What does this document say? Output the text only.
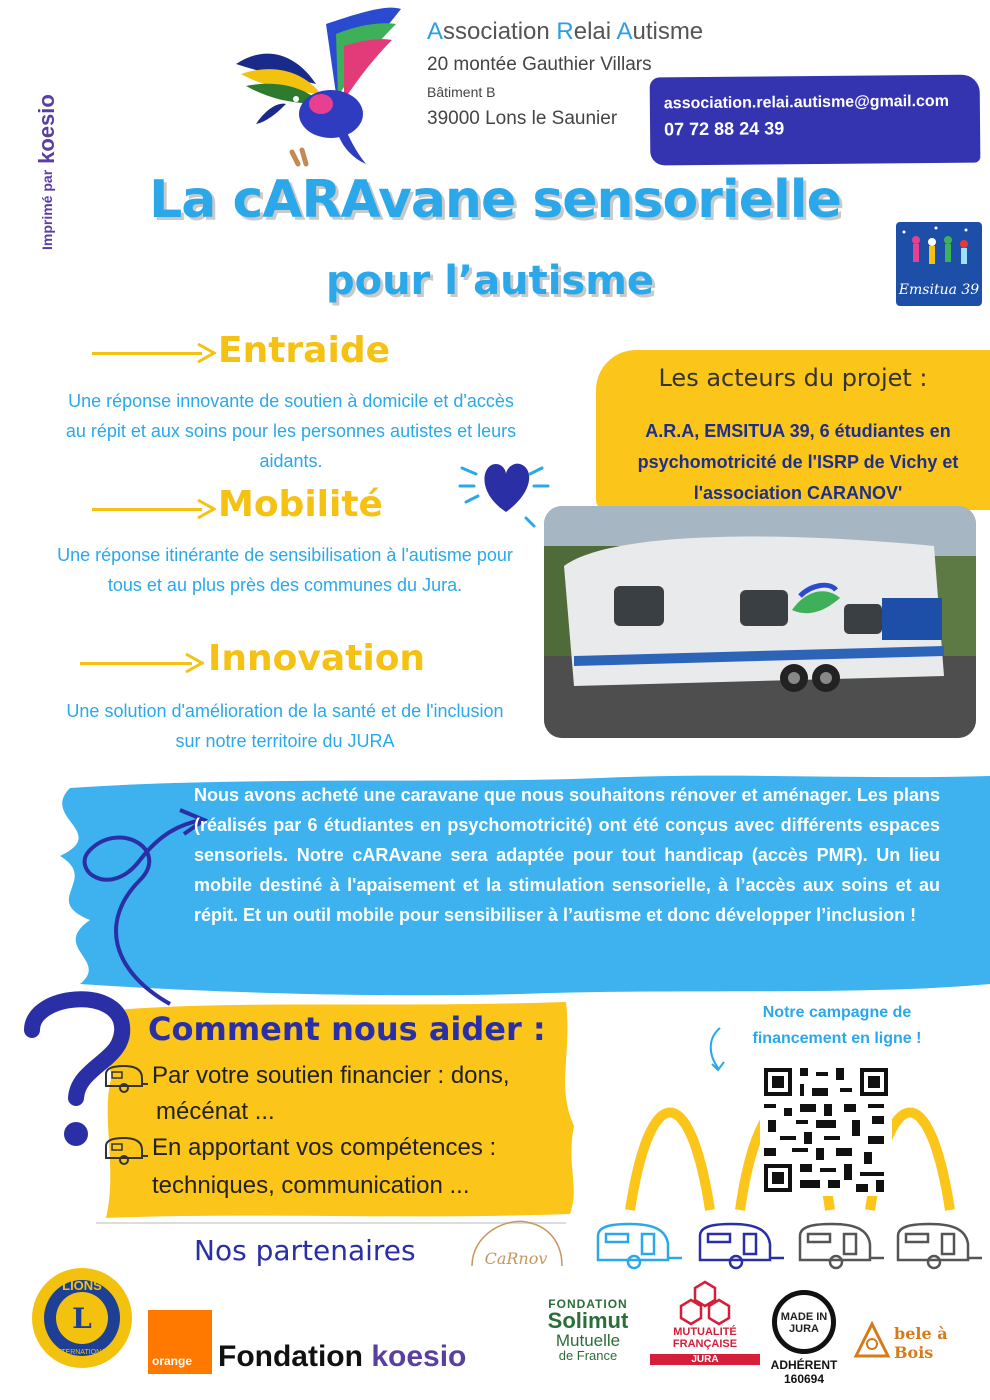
Imprimé par
koesio
Association Relai Autisme
20 montée Gauthier Villars
Bâtiment B
39000 Lons le Saunier
association.relai.autisme@gmail.com
07 72 88 24 39
La cARAvane sensorielle
pour l’autisme	Emsitua 39
Entraide
Une réponse innovante de soutien à domicile et d'accès au répit et aux soins pour les personnes autistes et leurs aidants.
Mobilité
Une réponse itinérante de sensibilisation à l'autisme pour tous et au plus près des communes du Jura.
Innovation
Une solution d'amélioration de la santé et de l'inclusion sur notre territoire du JURA
Les acteurs du projet :
A.R.A, EMSITUA 39, 6 étudiantes en psychomotricité de l'ISRP de Vichy et l'association CARANOV'
Nous avons acheté une caravane que nous souhaitons rénover et aménager. Les plans (réalisés par 6 étudiantes en psychomotricité) ont été conçus avec différents espaces sensoriels. Notre cARAvane sera adaptée pour tout handicap (accès PMR). Un lieu mobile destiné à l'apaisement et la stimulation sensorielle, à l’accès aux soins et au répit. Et un outil mobile pour sensibiliser à l’autisme et donc développer l’inclusion !
Comment nous aider :
Par votre soutien financier : dons,
mécénat ...
En apportant vos compétences :
techniques, communication ...
Notre campagne de financement en ligne !
Nos partenaires	CaRnov
L
LIONS
INTERNATIONAL
orange Fondation koesio
FONDATION
Solimut
Mutuelle
de France
MUTUALITÉ FRANÇAISE
JURA
MADE IN
JURA
ADHÉRENT
160694
bele à Bois
